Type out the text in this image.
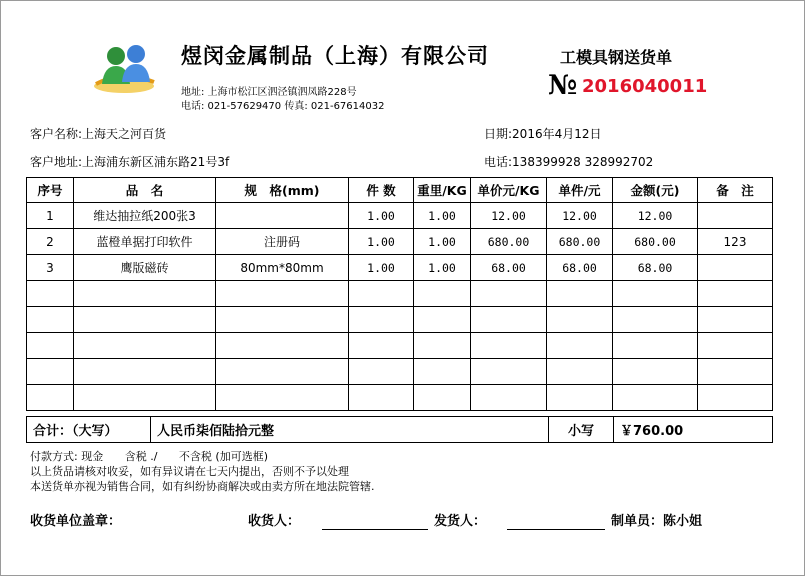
煜闵金属制品（上海）有限公司	工模具钢送货单
№ 2016040011
地址: 上海市松江区泗泾镇泗凤路228号
电话: 021-57629470 传真: 021-67614032
客户名称:上海天之河百货	日期:2016年4月12日
客户地址:上海浦东新区浦东路21号3f	电话:138399928 328992702
序号	品　名	规　格(mm)	件 数	重里/KG	单价元/KG	单件/元	金额(元)	备　注
1	维达抽拉纸200张3		1.00	1.00	12.00	12.00	12.00	
2	蓝橙单据打印软件	注册码	1.00	1.00	680.00	680.00	680.00	123
3	鹰版磁砖	80mm*80mm	1.00	1.00	68.00	68.00	68.00	

合计：（大写）	人民币柒佰陆拾元整	小写	￥760.00
付款方式: 现金 含税 ./ 不含税 (加可选框)
以上货品请核对收妥，如有异议请在七天内提出，否则不予以处理
本送货单亦视为销售合同，如有纠纷协商解决或由卖方所在地法院管辖.
收货单位盖章：	收货人：	发货人：	制单员：陈小姐
